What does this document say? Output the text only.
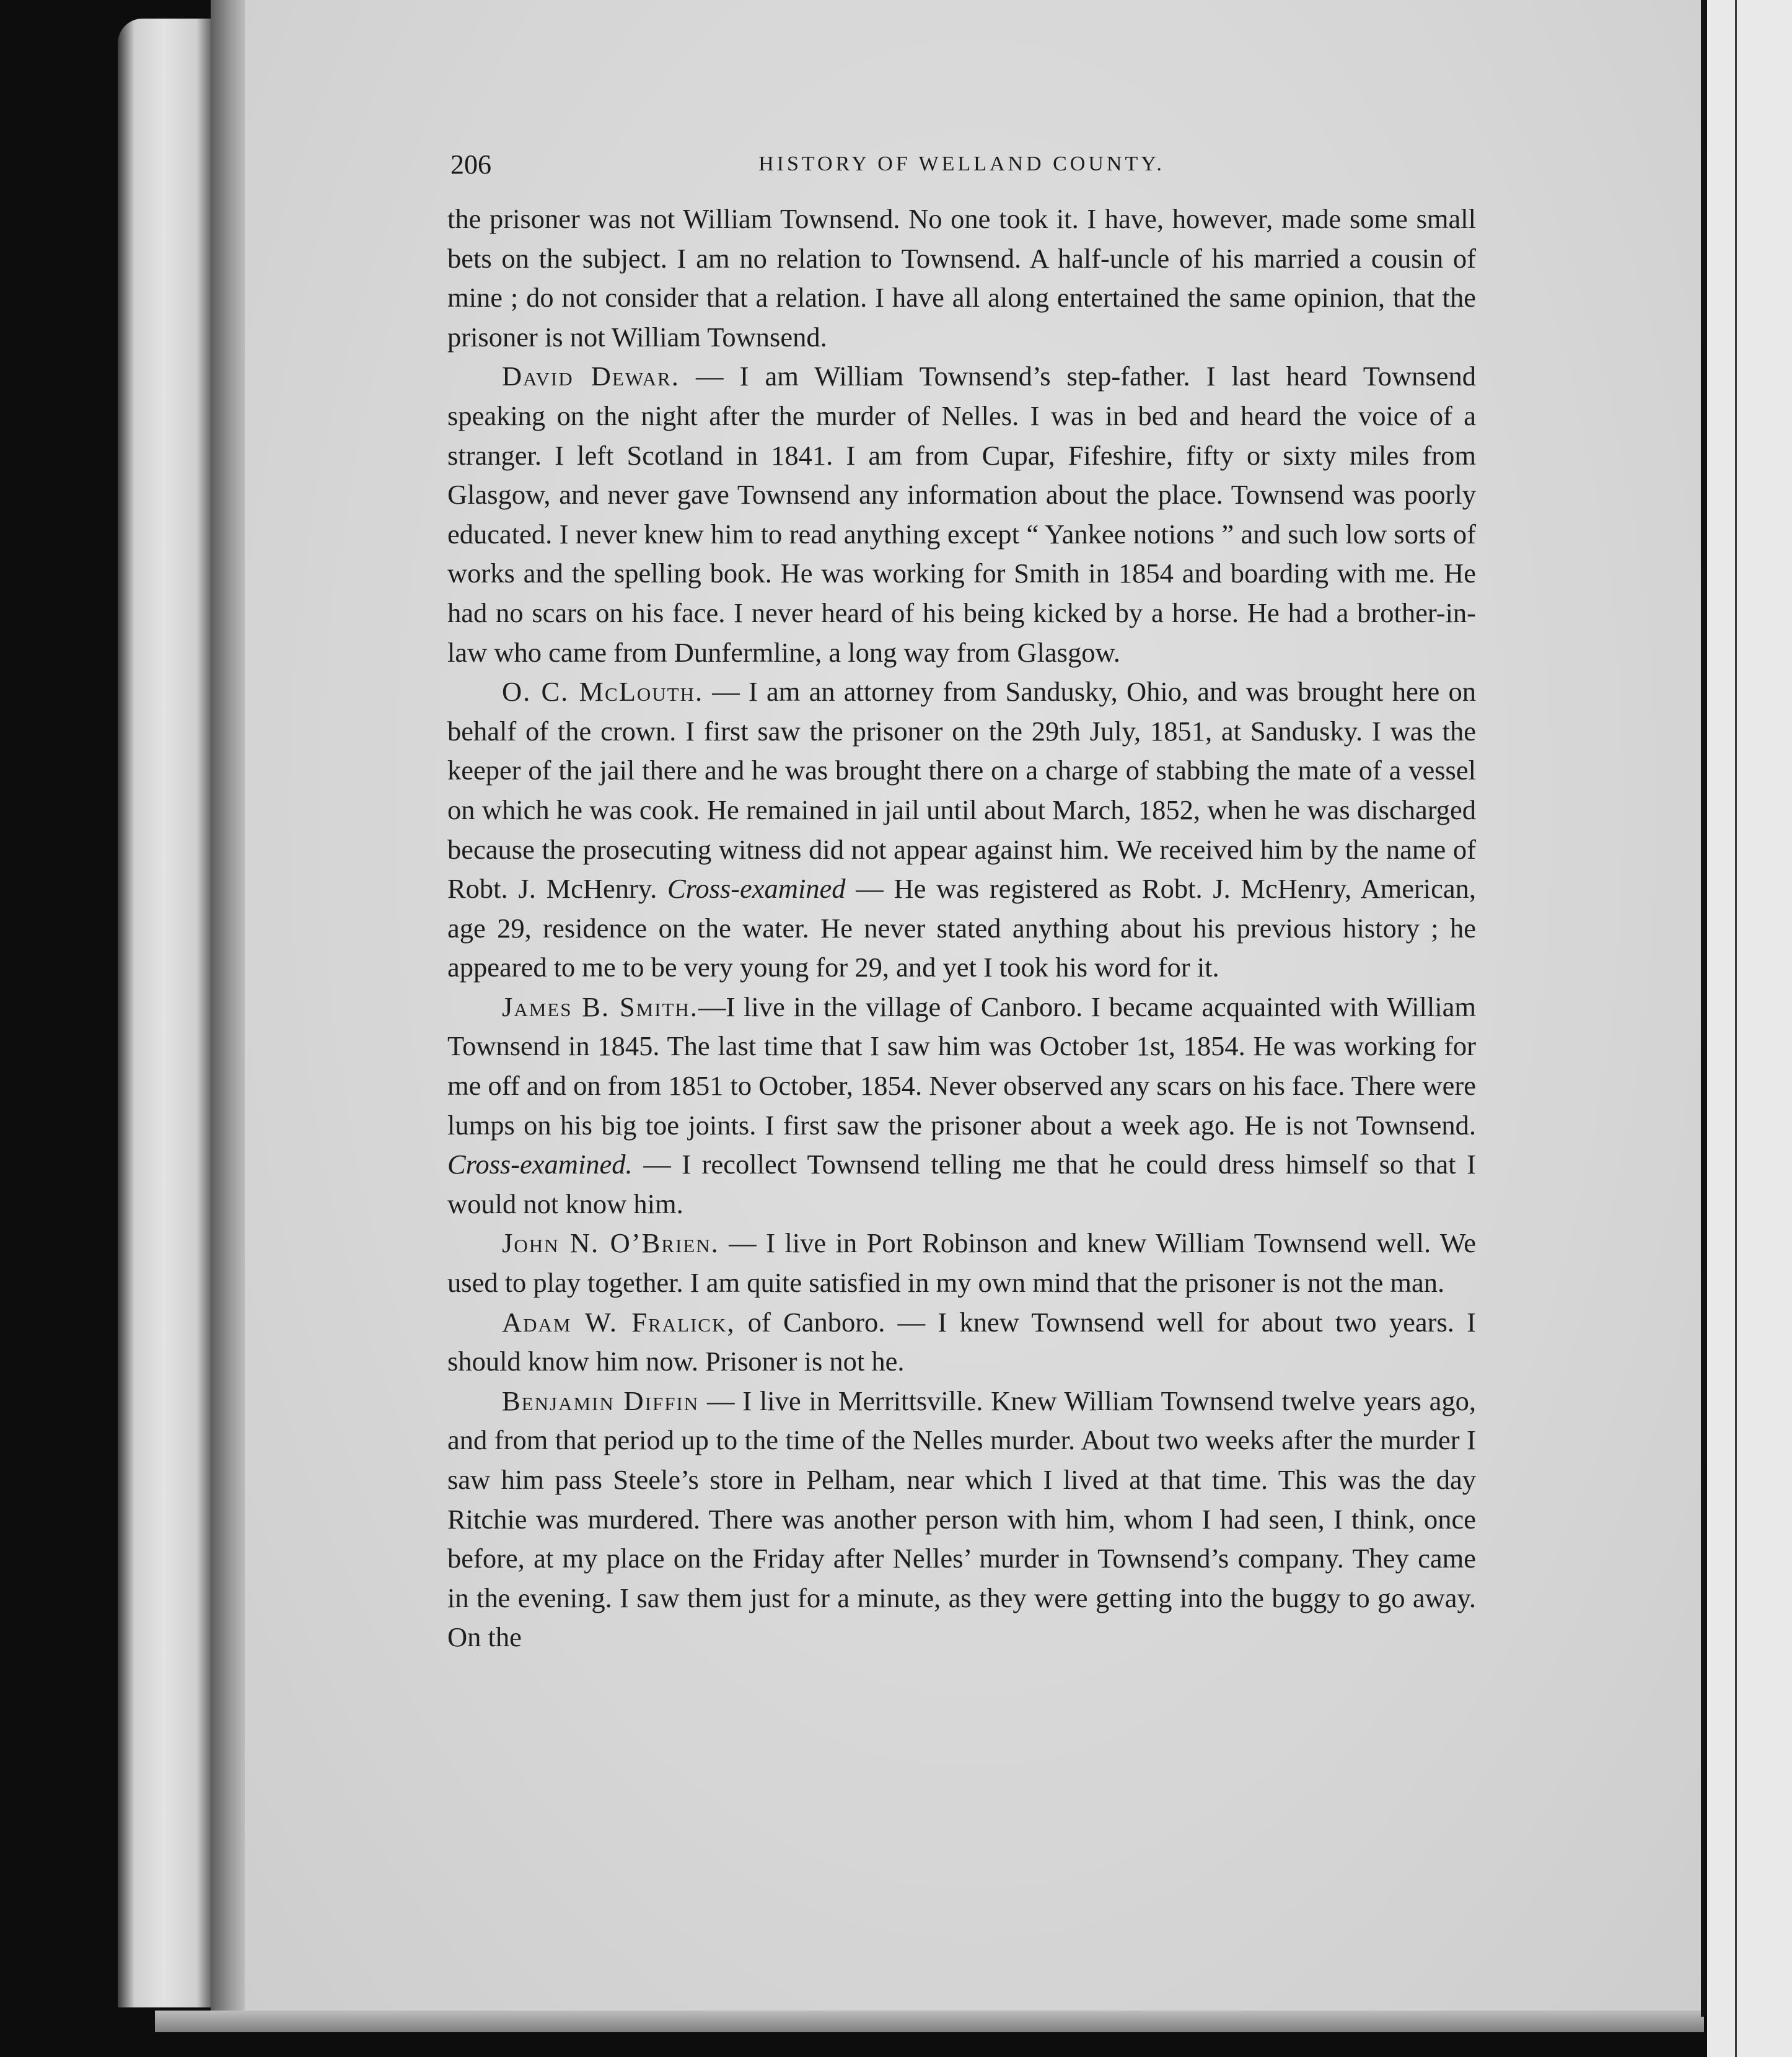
206	HISTORY OF WELLAND COUNTY.

the prisoner was not William Townsend. No one took it. I have, however, made some small bets on the subject. I am no relation to Townsend. A half-uncle of his married a cousin of mine ; do not consider that a relation. I have all along entertained the same opinion, that the prisoner is not William Townsend.

David Dewar. — I am William Townsend’s step-father. I last heard Townsend speaking on the night after the murder of Nelles. I was in bed and heard the voice of a stranger. I left Scotland in 1841. I am from Cupar, Fifeshire, fifty or sixty miles from Glasgow, and never gave Townsend any information about the place. Townsend was poorly educated. I never knew him to read anything except “ Yankee notions ” and such low sorts of works and the spelling book. He was working for Smith in 1854 and boarding with me. He had no scars on his face. I never heard of his being kicked by a horse. He had a brother-in-law who came from Dunfermline, a long way from Glasgow.

O. C. McLouth. — I am an attorney from Sandusky, Ohio, and was brought here on behalf of the crown. I first saw the prisoner on the 29th July, 1851, at Sandusky. I was the keeper of the jail there and he was brought there on a charge of stabbing the mate of a vessel on which he was cook. He remained in jail until about March, 1852, when he was discharged because the prosecuting witness did not appear against him. We received him by the name of Robt. J. McHenry. Cross-examined — He was registered as Robt. J. McHenry, American, age 29, residence on the water. He never stated anything about his previous history ; he appeared to me to be very young for 29, and yet I took his word for it.

James B. Smith.—I live in the village of Canboro. I became acquainted with William Townsend in 1845. The last time that I saw him was October 1st, 1854. He was working for me off and on from 1851 to October, 1854. Never observed any scars on his face. There were lumps on his big toe joints. I first saw the prisoner about a week ago. He is not Townsend. Cross-examined. — I recollect Townsend telling me that he could dress himself so that I would not know him.

John N. O’Brien. — I live in Port Robinson and knew William Townsend well. We used to play together. I am quite satisfied in my own mind that the prisoner is not the man.

Adam W. Fralick, of Canboro. — I knew Townsend well for about two years. I should know him now. Prisoner is not he.

Benjamin Diffin — I live in Merrittsville. Knew William Townsend twelve years ago, and from that period up to the time of the Nelles murder. About two weeks after the murder I saw him pass Steele’s store in Pelham, near which I lived at that time. This was the day Ritchie was murdered. There was another person with him, whom I had seen, I think, once before, at my place on the Friday after Nelles’ murder in Townsend’s company. They came in the evening. I saw them just for a minute, as they were getting into the buggy to go away. On the
